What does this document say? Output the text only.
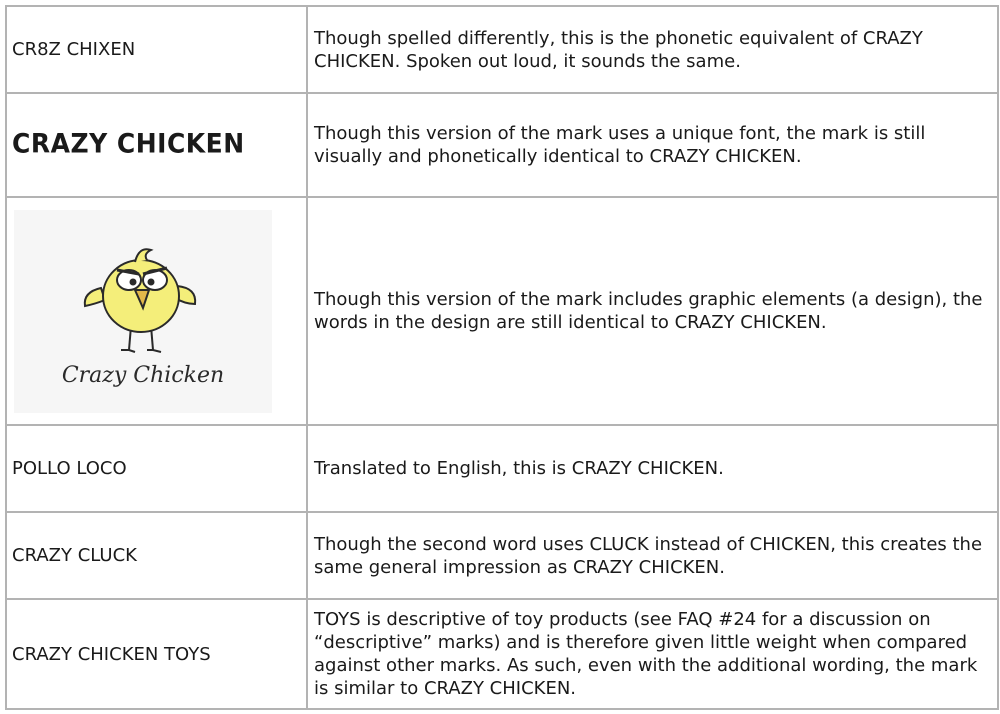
CR8Z CHIXEN	Though spelled differently, this is the phonetic equivalent of CRAZY CHICKEN. Spoken out loud, it sounds the same.
CRAZY CHICKEN	Though this version of the mark uses a unique font, the mark is still visually and phonetically identical to CRAZY CHICKEN.

Crazy Chicken	Though this version of the mark includes graphic elements (a design), the words in the design are still identical to CRAZY CHICKEN.
POLLO LOCO	Translated to English, this is CRAZY CHICKEN.
CRAZY CLUCK	Though the second word uses CLUCK instead of CHICKEN, this creates the same general impression as CRAZY CHICKEN.
CRAZY CHICKEN TOYS	TOYS is descriptive of toy products (see FAQ #24 for a discussion on “descriptive” marks) and is therefore given little weight when compared against other marks. As such, even with the additional wording, the mark is similar to CRAZY CHICKEN.
